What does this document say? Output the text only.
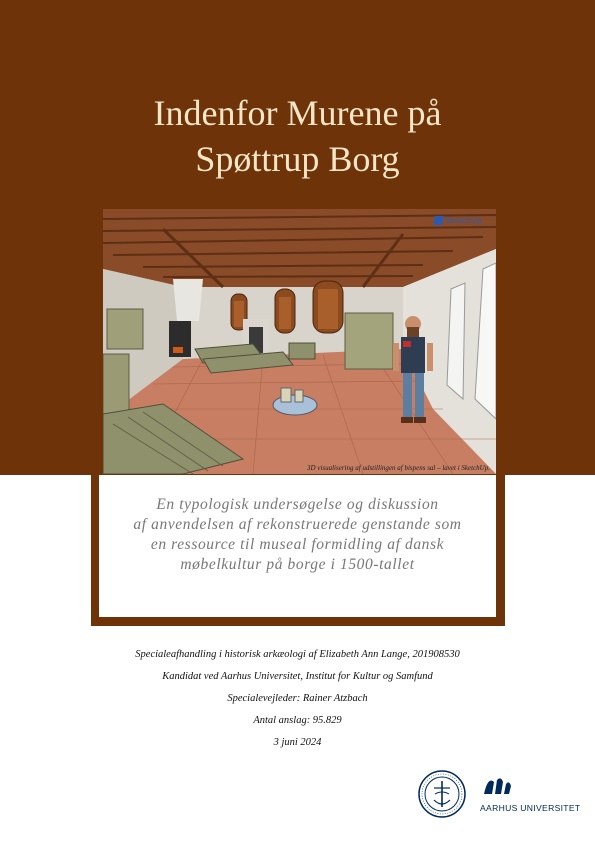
Indenfor Murene på
Spøttrup Borg
SketchUp
3D visualisering af udstillingen af bispens sal – lavet i SketchUp.

En typologisk undersøgelse og diskussion
af anvendelsen af rekonstruerede genstande som
en ressource til museal formidling af dansk
møbelkultur på borge i 1500-tallet

Specialeafhandling i historisk arkæologi af Elizabeth Ann Lange, 201908530
Kandidat ved Aarhus Universitet, Institut for Kultur og Samfund
Specialevejleder: Rainer Atzbach
Antal anslag: 95.829
3 juni 2024
AARHUS UNIVERSITET
